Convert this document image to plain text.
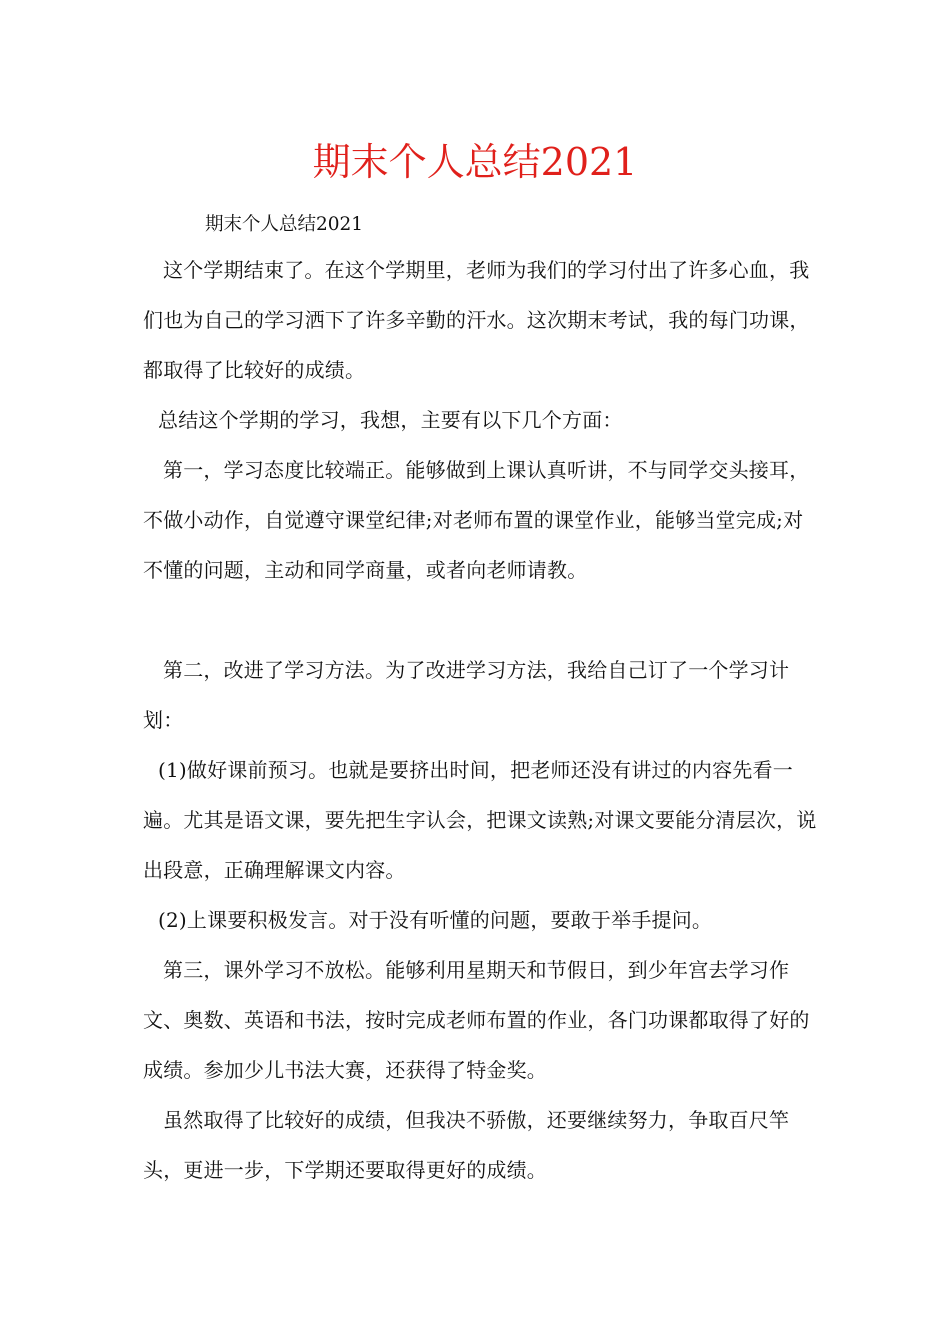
期末个人总结2021

期末个人总结2021

这个学期结束了。在这个学期里，老师为我们的学习付出了许多心血，我们也为自己的学习洒下了许多辛勤的汗水。这次期末考试，我的每门功课，都取得了比较好的成绩。

总结这个学期的学习，我想，主要有以下几个方面：

第一，学习态度比较端正。能够做到上课认真听讲，不与同学交头接耳，不做小动作，自觉遵守课堂纪律;对老师布置的课堂作业，能够当堂完成;对不懂的问题，主动和同学商量，或者向老师请教。

第二，改进了学习方法。为了改进学习方法，我给自己订了一个学习计划：

(1)做好课前预习。也就是要挤出时间，把老师还没有讲过的内容先看一遍。尤其是语文课，要先把生字认会，把课文读熟;对课文要能分清层次，说出段意，正确理解课文内容。

(2)上课要积极发言。对于没有听懂的问题，要敢于举手提问。

第三，课外学习不放松。能够利用星期天和节假日，到少年宫去学习作文、奥数、英语和书法，按时完成老师布置的作业，各门功课都取得了好的成绩。参加少儿书法大赛，还获得了特金奖。

虽然取得了比较好的成绩，但我决不骄傲，还要继续努力，争取百尺竿头，更进一步，下学期还要取得更好的成绩。
